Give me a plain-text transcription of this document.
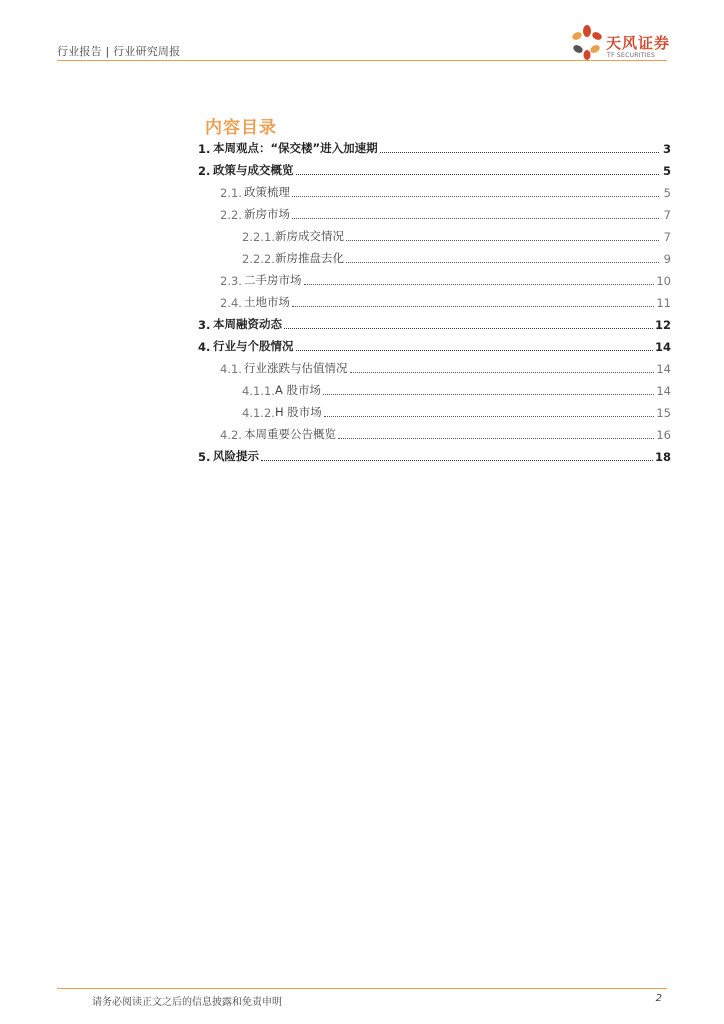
行业报告 | 行业研究周报	天风证券
TF SECURITIES
内容目录
1. 本周观点：“保交楼”进入加速期	3
2. 政策与成交概览	5
2.1. 政策梳理	5
2.2. 新房市场	7
2.2.1. 新房成交情况	7
2.2.2. 新房推盘去化	9
2.3. 二手房市场	10
2.4. 土地市场	11
3. 本周融资动态	12
4. 行业与个股情况	14
4.1. 行业涨跌与估值情况	14
4.1.1. A 股市场	14
4.1.2. H 股市场	15
4.2. 本周重要公告概览	16
5. 风险提示	18
请务必阅读正文之后的信息披露和免责申明	2
